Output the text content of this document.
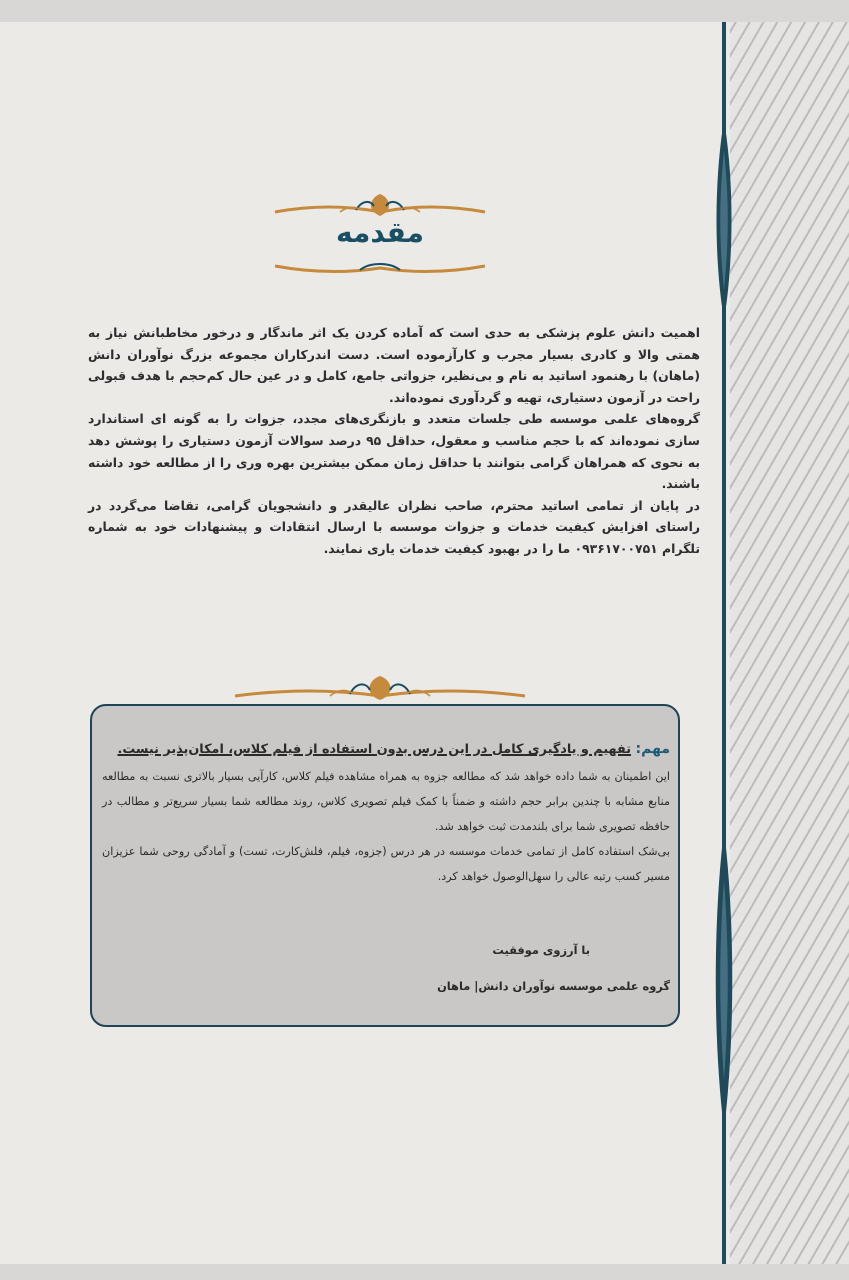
مقدمه

اهمیت دانش علوم پزشکی به حدی است که آماده کردن یک اثر ماندگار و درخور مخاطبانش نیاز به همتی والا و کادری بسیار مجرب و کارآزموده است. دست اندرکاران مجموعه بزرگ نوآوران دانش (ماهان) با رهنمود اساتید به نام و بی‌نظیر، جزواتی جامع، کامل و در عین حال کم‌حجم با هدف قبولی راحت در آزمون دستیاری، تهیه و گردآوری نموده‌اند.

گروه‌های علمی موسسه طی جلسات متعدد و بازنگری‌های مجدد، جزوات را به گونه ای استاندارد سازی نموده‌اند که با حجم مناسب و معقول، حداقل ۹۵ درصد سوالات آزمون دستیاری را پوشش دهد به نحوی که همراهان گرامی بتوانند با حداقل زمان ممکن بیشترین بهره وری را از مطالعه خود داشته باشند.

در پایان از تمامی اساتید محترم، صاحب نظران عالیقدر و دانشجویان گرامی، تقاضا می‌گردد در راستای افزایش کیفیت خدمات و جزوات موسسه با ارسال انتقادات و پیشنهادات خود به شماره تلگرام ۰۹۳۶۱۷۰۰۷۵۱ ما را در بهبود کیفیت خدمات یاری نمایند.

مهم: تفهیم و یادگیری کامل در این درس بدون استفاده از فیلم کلاس، امکان‌پذیر نیست.

این اطمینان به شما داده خواهد شد که مطالعه جزوه به همراه مشاهده فیلم کلاس، کارآیی بسیار بالاتری نسبت به مطالعه منابع مشابه با چندین برابر حجم داشته و ضمناً با کمک فیلم تصویری کلاس، روند مطالعه شما بسیار سریع‌تر و مطالب در حافظه تصویری شما برای بلندمدت ثبت خواهد شد.

بی‌شک استفاده کامل از تمامی خدمات موسسه در هر درس (جزوه، فیلم، فلش‌کارت، تست) و آمادگی روحی شما عزیزان مسیر کسب رتبه عالی را سهل‌الوصول خواهد کرد.

با آرزوی موفقیت
گروه علمی موسسه نوآوران دانش| ماهان
